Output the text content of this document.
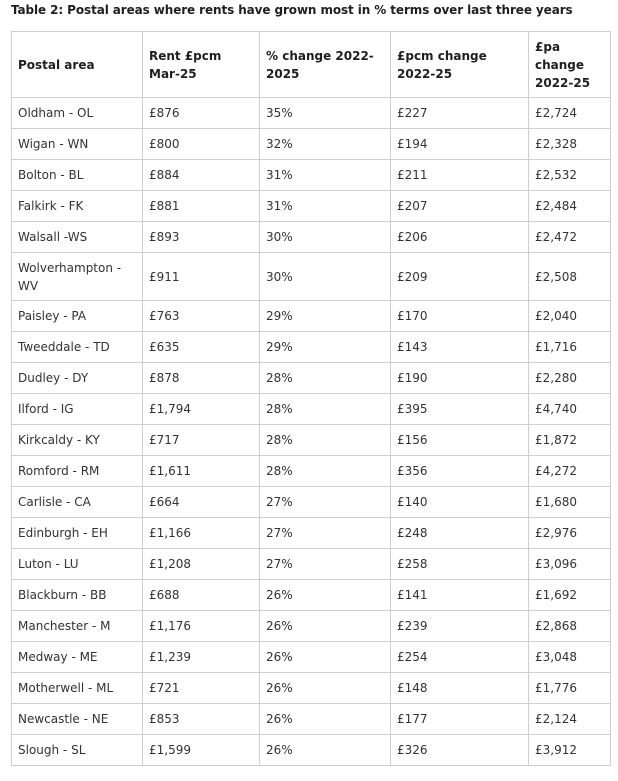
Table 2: Postal areas where rents have grown most in % terms over last three years
Postal area	Rent £pcm Mar-25	% change 2022-2025	£pcm change 2022-25	£pa change 2022-25
Oldham - OL	£876	35%	£227	£2,724
Wigan - WN	£800	32%	£194	£2,328
Bolton - BL	£884	31%	£211	£2,532
Falkirk - FK	£881	31%	£207	£2,484
Walsall -WS	£893	30%	£206	£2,472
Wolverhampton - WV	£911	30%	£209	£2,508
Paisley - PA	£763	29%	£170	£2,040
Tweeddale - TD	£635	29%	£143	£1,716
Dudley - DY	£878	28%	£190	£2,280
Ilford - IG	£1,794	28%	£395	£4,740
Kirkcaldy - KY	£717	28%	£156	£1,872
Romford - RM	£1,611	28%	£356	£4,272
Carlisle - CA	£664	27%	£140	£1,680
Edinburgh - EH	£1,166	27%	£248	£2,976
Luton - LU	£1,208	27%	£258	£3,096
Blackburn - BB	£688	26%	£141	£1,692
Manchester - M	£1,176	26%	£239	£2,868
Medway - ME	£1,239	26%	£254	£3,048
Motherwell - ML	£721	26%	£148	£1,776
Newcastle - NE	£853	26%	£177	£2,124
Slough - SL	£1,599	26%	£326	£3,912
